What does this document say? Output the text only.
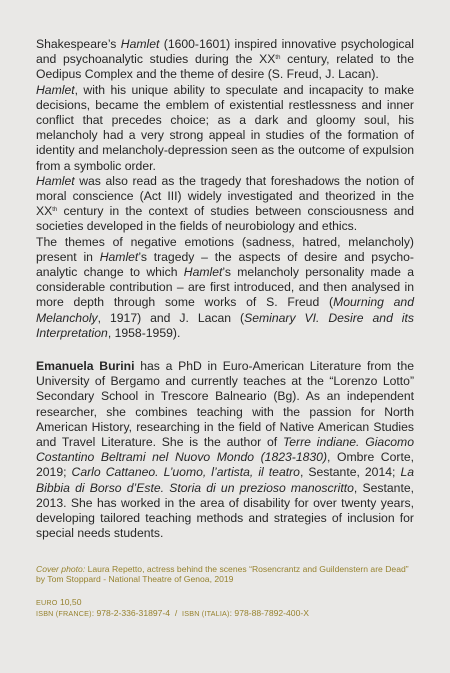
Shakespeare’s Hamlet (1600-1601) inspired innovative psychological and psychoanalytic studies during the XXth century, related to the Oedipus Complex and the theme of desire (S. Freud, J. Lacan).

Hamlet, with his unique ability to speculate and incapacity to make decisions, became the emblem of existential restlessness and inner conflict that precedes choice; as a dark and gloomy soul, his melancholy had a very strong appeal in studies of the formation of identity and melancholy-depression seen as the outcome of expulsion from a symbolic order.

Hamlet was also read as the tragedy that foreshadows the notion of moral conscience (Act III) widely investigated and theorized in the XXth century in the context of studies between consciousness and societies developed in the fields of neurobiology and ethics.

The themes of negative emotions (sadness, hatred, melancholy) present in Hamlet’s tragedy – the aspects of desire and psycho-analytic change to which Hamlet’s melancholy personality made a considerable contribution – are first introduced, and then analysed in more depth through some works of S. Freud (Mourning and Melancholy, 1917) and J. Lacan (Seminary VI. Desire and its Interpretation, 1958-1959).

Emanuela Burini has a PhD in Euro-American Literature from the University of Bergamo and currently teaches at the “Lorenzo Lotto” Secondary School in Trescore Balneario (Bg). As an independent researcher, she combines teaching with the passion for North American History, researching in the field of Native American Studies and Travel Literature. She is the author of Terre indiane. Giacomo Costantino Beltrami nel Nuovo Mondo (1823-1830), Ombre Corte, 2019; Carlo Cattaneo. L’uomo, l’artista, il teatro, Sestante, 2014; La Bibbia di Borso d’Este. Storia di un prezioso manoscritto, Sestante, 2013. She has worked in the area of disability for over twenty years, developing tailored teaching methods and strategies of inclusion for special needs students.

Cover photo: Laura Repetto, actress behind the scenes “Rosencrantz and Guildenstern are Dead” by Tom Stoppard - National Theatre of Genoa, 2019
EURO 10,50
ISBN (FRANCE): 978-2-336-31897-4  /  ISBN (ITALIA): 978-88-7892-400-X
